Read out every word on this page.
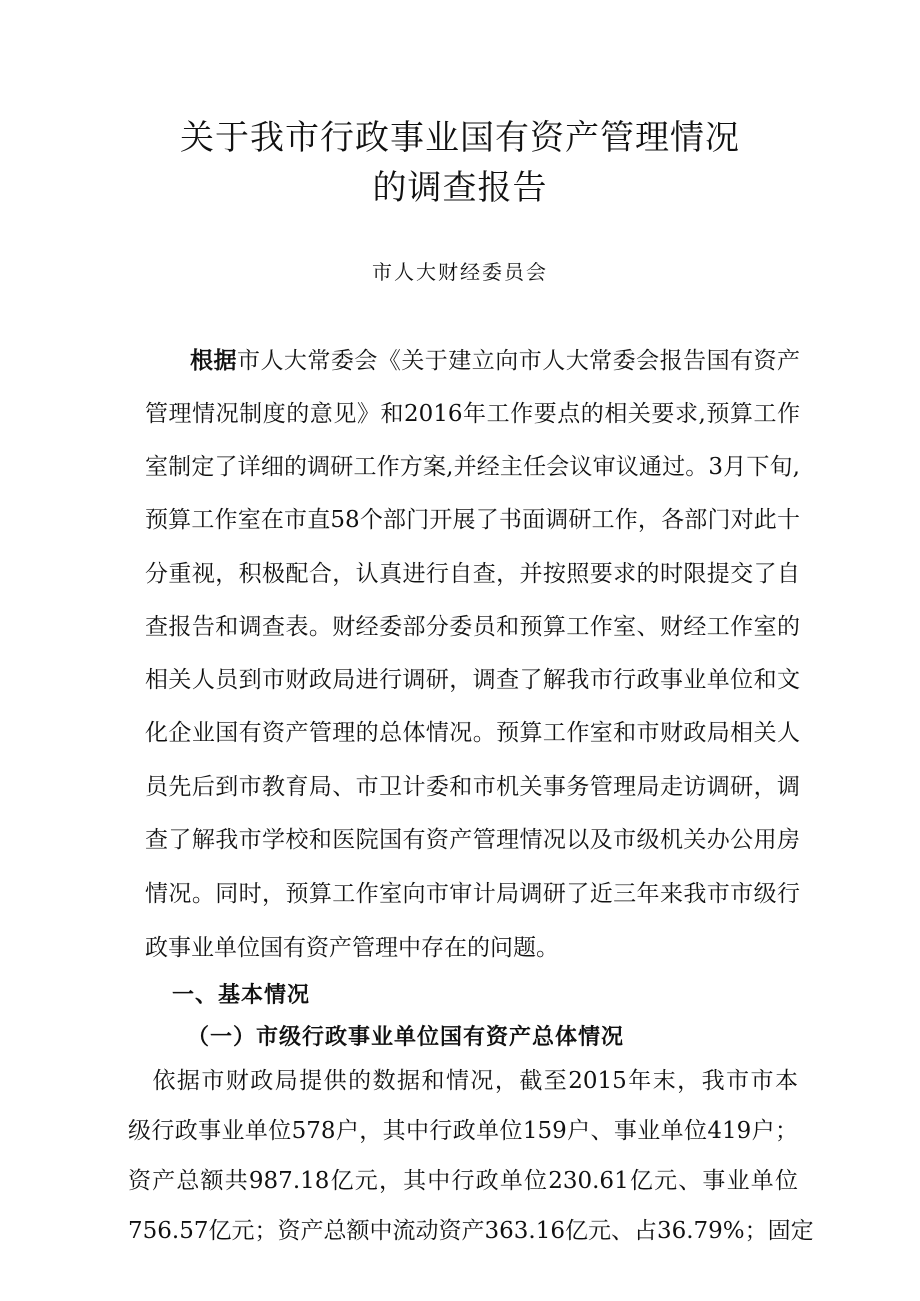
关于我市行政事业国有资产管理情况
的调查报告
市人大财经委员会
根据市人大常委会《关于建立向市人大常委会报告国有资产
管理情况制度的意见》和2016年工作要点的相关要求,预算工作
室制定了详细的调研工作方案,并经主任会议审议通过。3月下旬,
预算工作室在市直58个部门开展了书面调研工作，各部门对此十
分重视，积极配合，认真进行自查，并按照要求的时限提交了自
查报告和调查表。财经委部分委员和预算工作室、财经工作室的
相关人员到市财政局进行调研，调查了解我市行政事业单位和文
化企业国有资产管理的总体情况。预算工作室和市财政局相关人
员先后到市教育局、市卫计委和市机关事务管理局走访调研，调
查了解我市学校和医院国有资产管理情况以及市级机关办公用房
情况。同时，预算工作室向市审计局调研了近三年来我市市级行
一、基本情况
（一）市级行政事业单位国有资产总体情况
　依据市财政局提供的数据和情况，截至2015年末，我市市本
级行政事业单位578户，其中行政单位159户、事业单位419户；
资产总额共987.18亿元，其中行政单位230.61亿元、事业单位
756.57亿元；资产总额中流动资产363.16亿元、占36.79%；固定
政事业单位国有资产管理中存在的问题。
